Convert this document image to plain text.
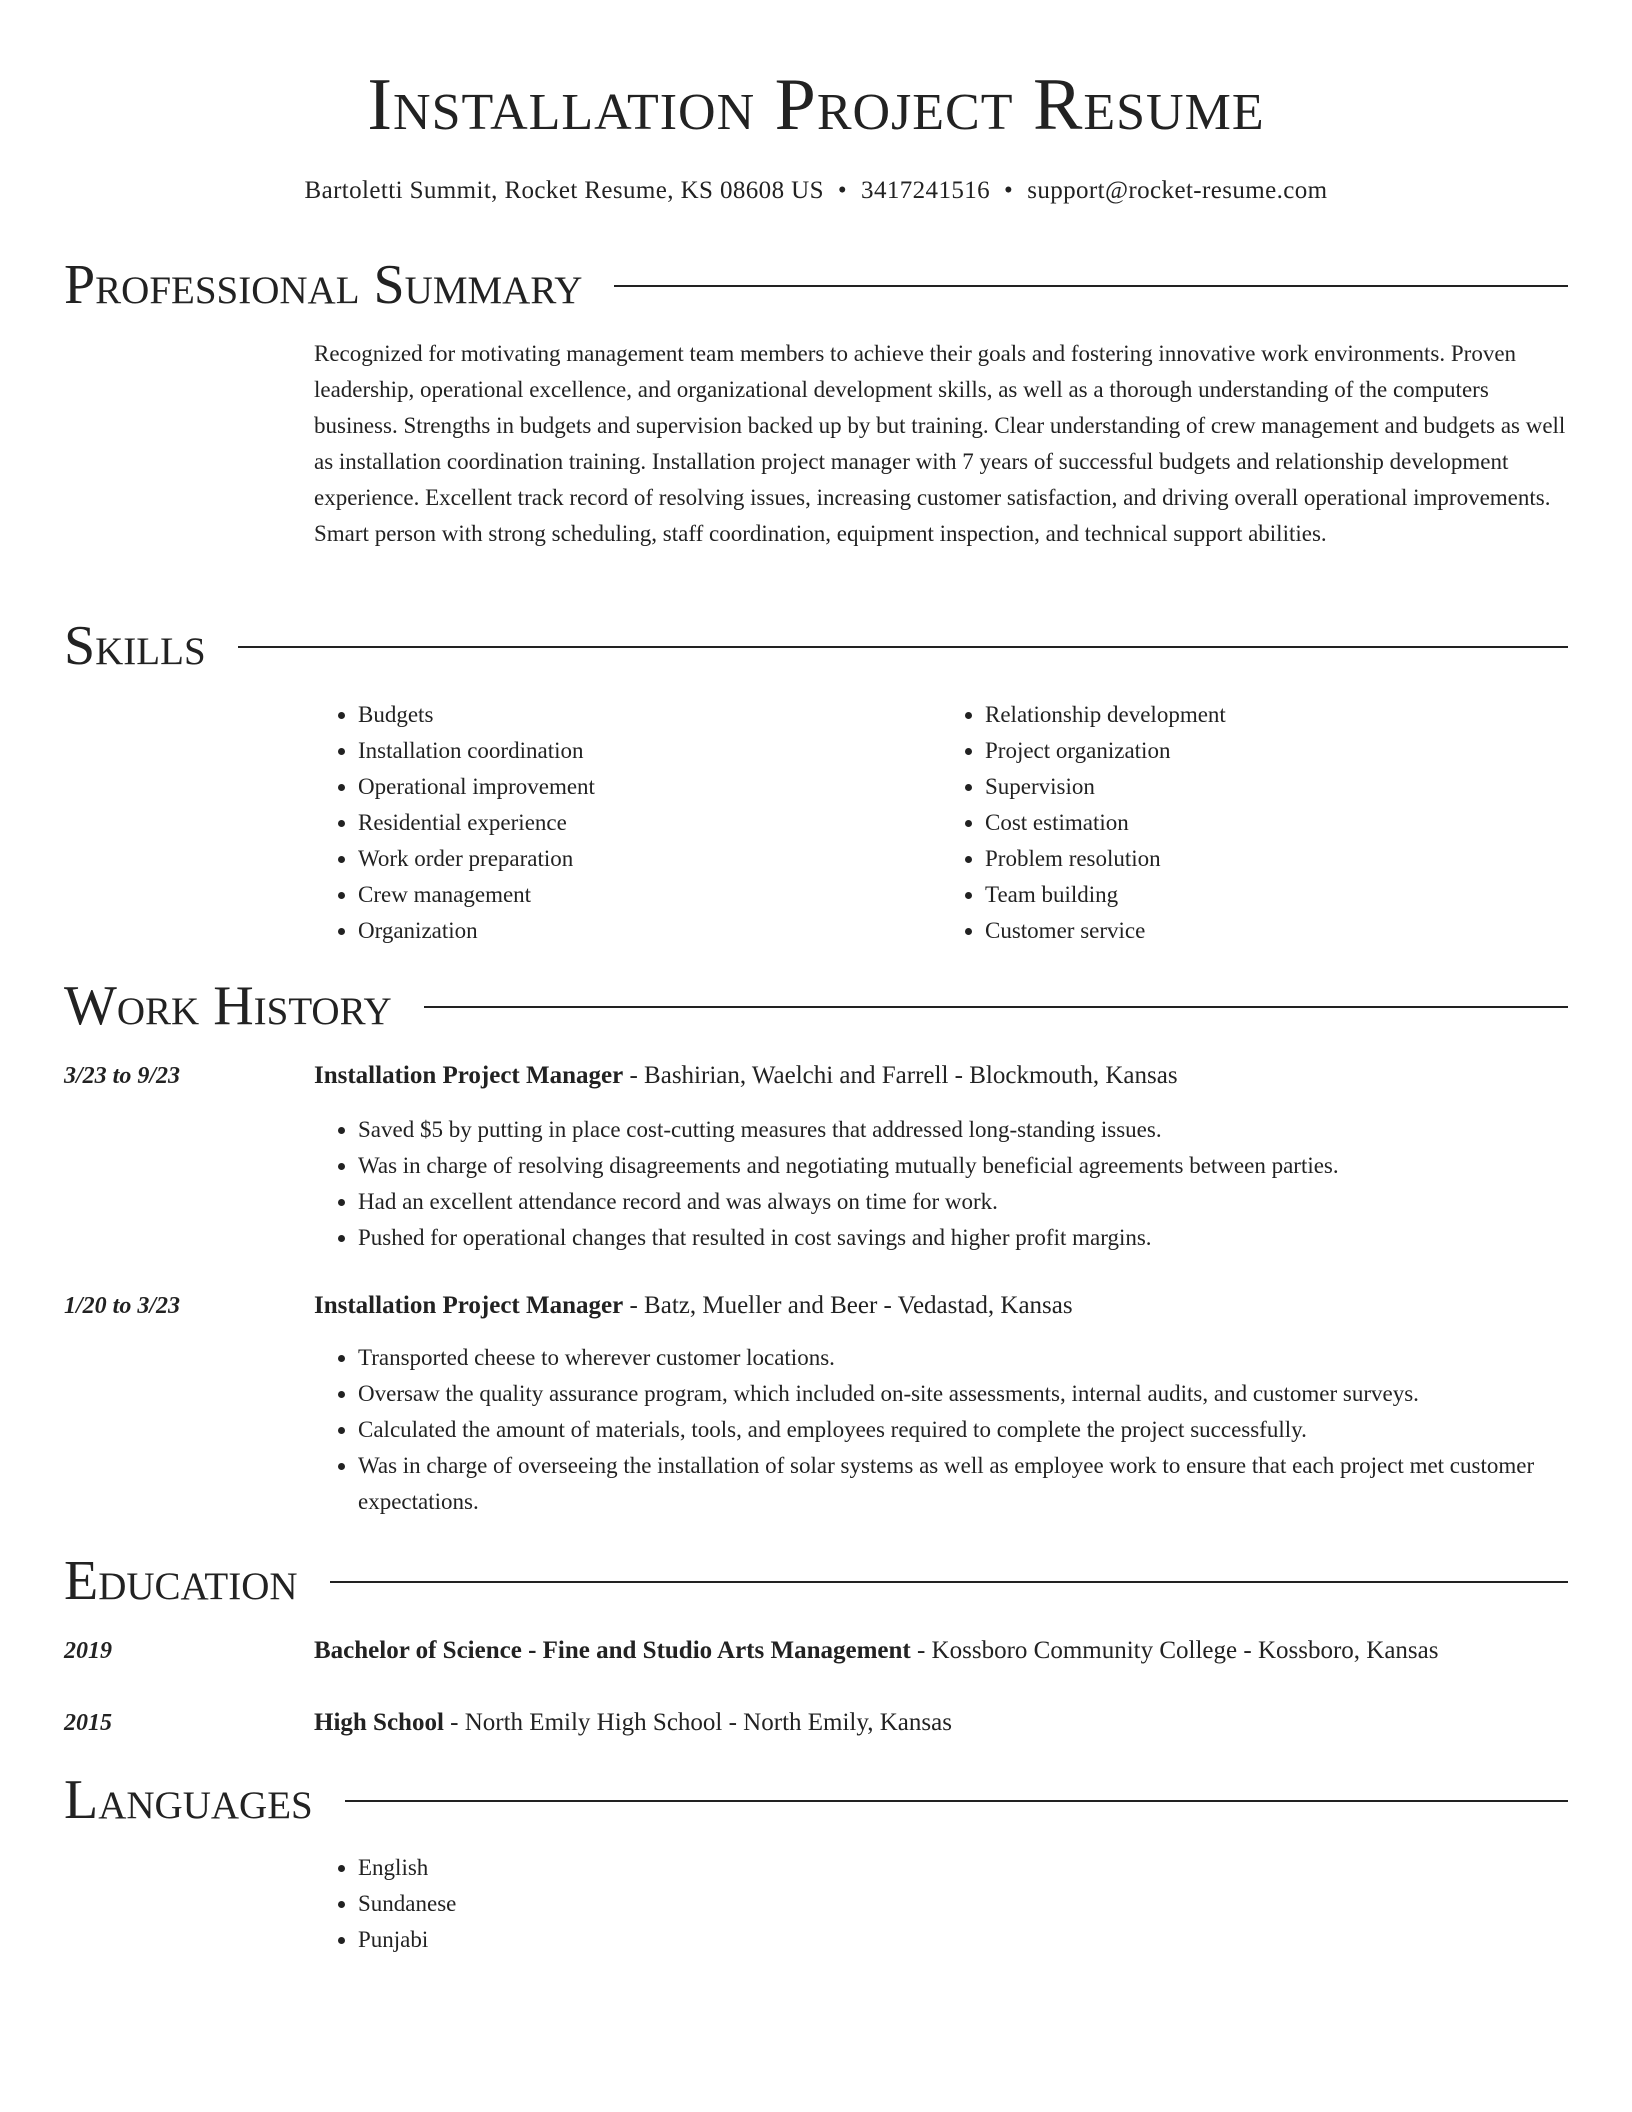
Installation Project Resume
Bartoletti Summit, Rocket Resume, KS 08608 US • 3417241516 • support@rocket-resume.com
Professional Summary

Recognized for motivating management team members to achieve their goals and fostering innovative work environments. Proven leadership, operational excellence, and organizational development skills, as well as a thorough understanding of the computers business. Strengths in budgets and supervision backed up by but training. Clear understanding of crew management and budgets as well as installation coordination training. Installation project manager with 7 years of successful budgets and relationship development experience. Excellent track record of resolving issues, increasing customer satisfaction, and driving overall operational improvements. Smart person with strong scheduling, staff coordination, equipment inspection, and technical support abilities.

Skills
• Budgets
• Installation coordination
• Operational improvement
• Residential experience
• Work order preparation
• Crew management
• Organization
• Relationship development
• Project organization
• Supervision
• Cost estimation
• Problem resolution
• Team building
• Customer service
Work History
3/23 to 9/23	Installation Project Manager - Bashirian, Waelchi and Farrell - Blockmouth, Kansas
• Saved $5 by putting in place cost-cutting measures that addressed long-standing issues.
• Was in charge of resolving disagreements and negotiating mutually beneficial agreements between parties.
• Had an excellent attendance record and was always on time for work.
• Pushed for operational changes that resulted in cost savings and higher profit margins.
1/20 to 3/23	Installation Project Manager - Batz, Mueller and Beer - Vedastad, Kansas
• Transported cheese to wherever customer locations.
• Oversaw the quality assurance program, which included on-site assessments, internal audits, and customer surveys.
• Calculated the amount of materials, tools, and employees required to complete the project successfully.
• Was in charge of overseeing the installation of solar systems as well as employee work to ensure that each project met customer expectations.
Education
2019	Bachelor of Science - Fine and Studio Arts Management - Kossboro Community College - Kossboro, Kansas
2015	High School - North Emily High School - North Emily, Kansas
Languages
• English
• Sundanese
• Punjabi
